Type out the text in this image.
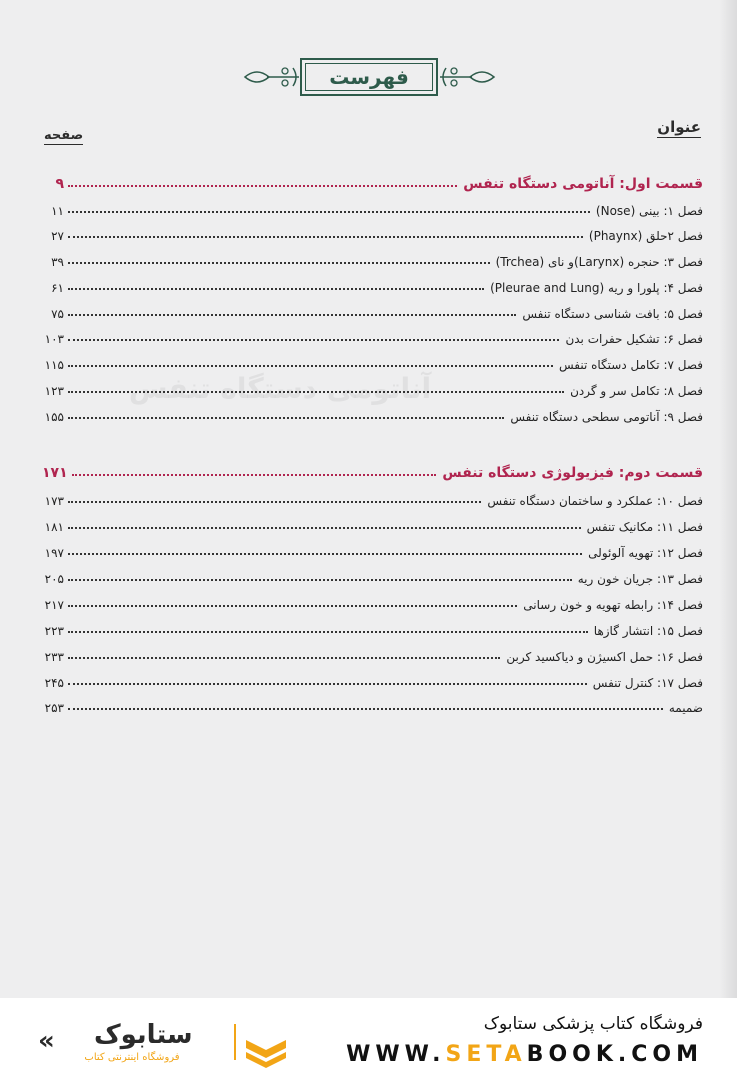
آناتومی دستگاه تنفس
فهرست
عنوان
صفحه
قسمت اول: آناتومی دستگاه تنفس
۹
فصل ۱: بینی (Nose)
۱۱
فصل ۲حلق (Phaynx)
۲۷
فصل ۳: حنجره (Larynx)و نای (Trchea)
۳۹
فصل ۴: پلورا و ریه (Pleurae and Lung)
۶۱
فصل ۵: بافت شناسی دستگاه تنفس
۷۵
فصل ۶: تشکیل حفرات بدن
۱۰۳
فصل ۷: تکامل دستگاه تنفس
۱۱۵
فصل ۸: تکامل سر و گردن
۱۲۳
فصل ۹: آناتومی سطحی دستگاه تنفس
۱۵۵
قسمت دوم: فیزیولوژی دستگاه تنفس
۱۷۱
فصل ۱۰: عملکرد و ساختمان دستگاه تنفس
۱۷۳
فصل ۱۱: مکانیک تنفس
۱۸۱
فصل ۱۲: تهویه آلوئولی
۱۹۷
فصل ۱۳: جریان خون ریه
۲۰۵
فصل ۱۴: رابطه تهویه و خون رسانی
۲۱۷
فصل ۱۵: انتشار گازها
۲۲۳
فصل ۱۶: حمل اکسیژن و دیاکسید کربن
۲۳۳
فصل ۱۷: کنترل تنفس
۲۴۵
ضمیمه
۲۵۳
« ستابوک
فروشگاه اینترنتی کتاب
فروشگاه کتاب پزشکی ستابوک
WWW.SETABOOK.COM
